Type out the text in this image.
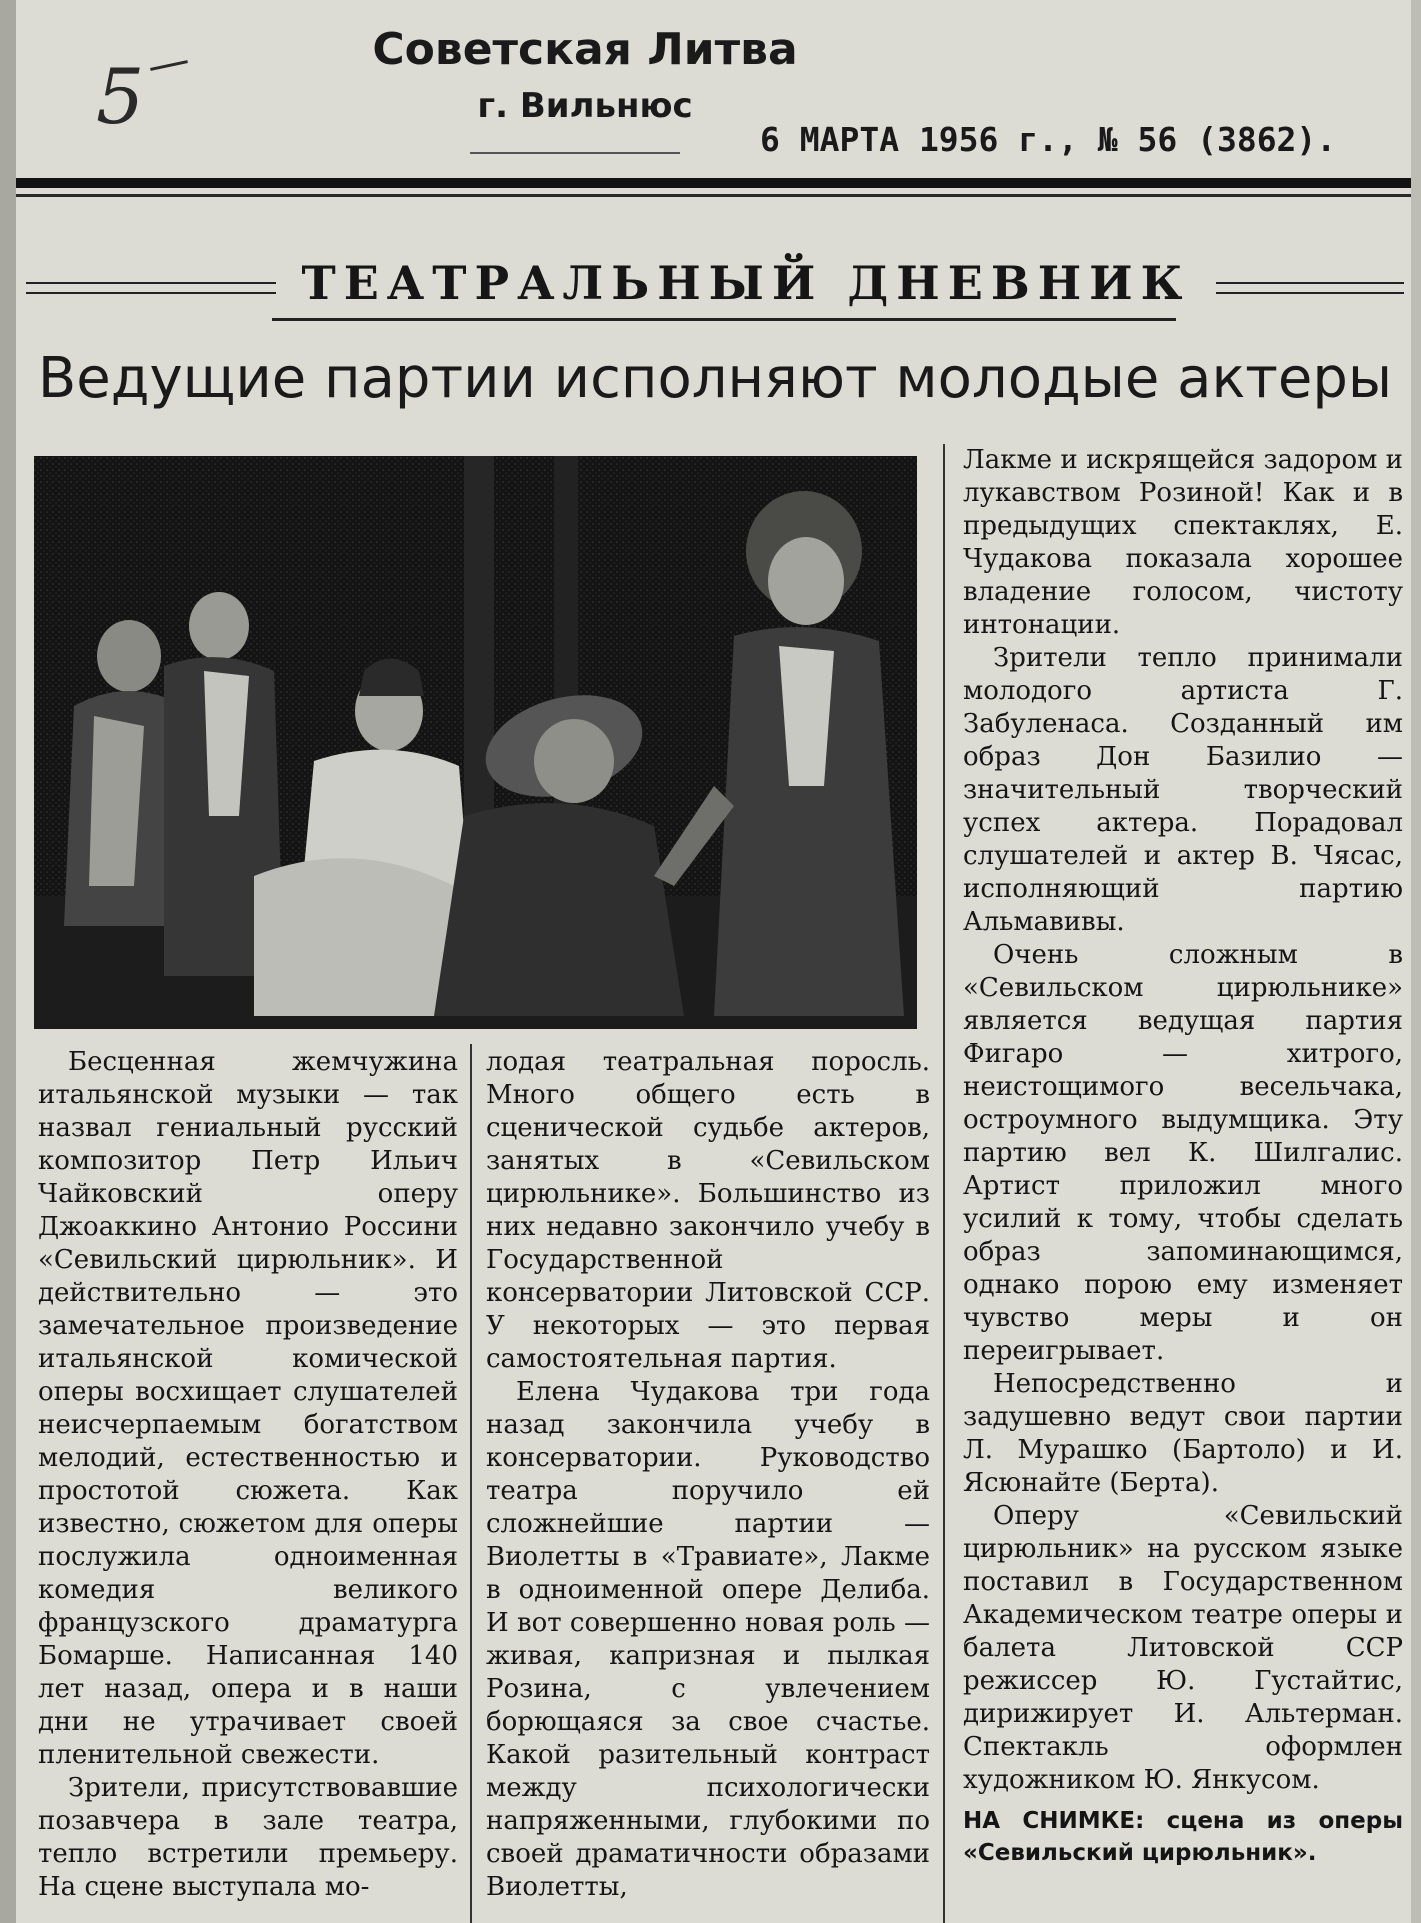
5
Советская Литва
г. Вильнюс
6 МАРТА 1956 г., № 56 (3862).
ТЕАТРАЛЬНЫЙ ДНЕВНИК
Ведущие партии исполняют молодые актеры

Бесценная жемчужина итальянской музыки — так назвал гениальный русский композитор Петр Ильич Чайковский оперу Джоаккино Антонио Россини «Севильский цирюльник». И действительно — это замечательное произведение итальянской комической оперы восхищает слушателей неисчерпаемым богатством мелодий, естественностью и простотой сюжета. Как известно, сюжетом для оперы послужила одноименная комедия великого французского драматурга Бомарше. Написанная 140 лет назад, опера и в наши дни не утрачивает своей пленительной свежести.

Зрители, присутствовавшие позавчера в зале театра, тепло встретили премьеру. На сцене выступала мо-

лодая театральная поросль. Много общего есть в сценической судьбе актеров, занятых в «Севильском цирюльнике». Большинство из них недавно закончило учебу в Государственной консерватории Литовской ССР. У некоторых — это первая самостоятельная партия.

Елена Чудакова три года назад закончила учебу в консерватории. Руководство театра поручило ей сложнейшие партии — Виолетты в «Травиате», Лакме в одноименной опере Делиба. И вот совершенно новая роль — живая, капризная и пылкая Розина, с увлечением борющаяся за свое счастье. Какой разительный контраст между психологически напряженными, глубокими по своей драматичности образами Виолетты,

Лакме и искрящейся задором и лукавством Розиной! Как и в предыдущих спектаклях, Е. Чудакова показала хорошее владение голосом, чистоту интонации.

Зрители тепло принимали молодого артиста Г. Забуленаса. Созданный им образ Дон Базилио — значительный творческий успех актера. Порадовал слушателей и актер В. Чясас, исполняющий партию Альмавивы.

Очень сложным в «Севильском цирюльнике» является ведущая партия Фигаро — хитрого, неистощимого весельчака, остроумного выдумщика. Эту партию вел К. Шилгалис. Артист приложил много усилий к тому, чтобы сделать образ запоминающимся, однако порою ему изменяет чувство меры и он переигрывает.

Непосредственно и задушевно ведут свои партии Л. Мурашко (Бартоло) и И. Ясюнайте (Берта).

Оперу «Севильский цирюльник» на русском языке поставил в Государственном Академическом театре оперы и балета Литовской ССР режиссер Ю. Густайтис, дирижирует И. Альтерман. Спектакль оформлен художником Ю. Янкусом.

НА СНИМКЕ: сцена из оперы «Севильский цирюльник».
